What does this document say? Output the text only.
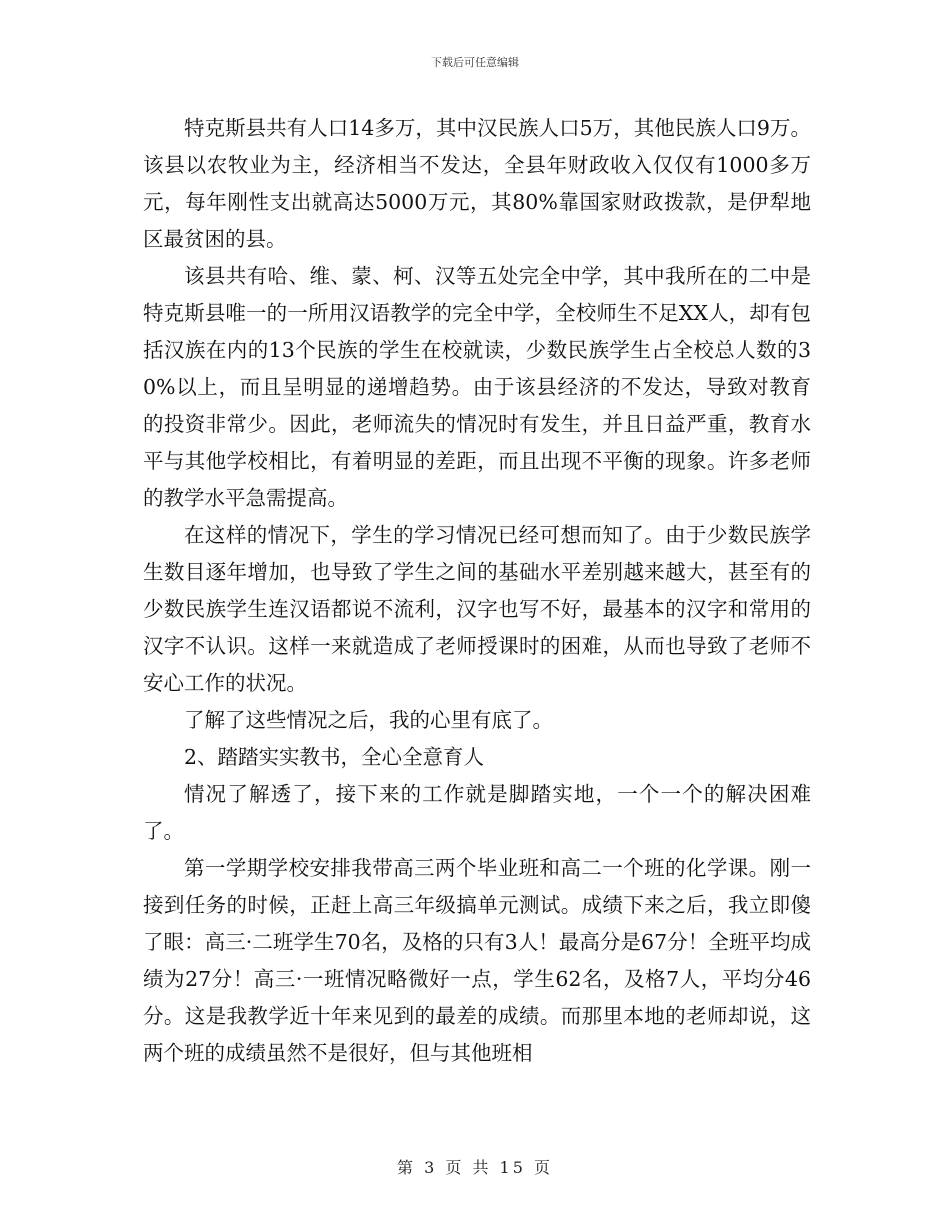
下载后可任意编辑

特克斯县共有人口14多万，其中汉民族人口5万，其他民族人口9万。该县以农牧业为主，经济相当不发达，全县年财政收入仅仅有1000多万元，每年刚性支出就高达5000万元，其80%靠国家财政拨款，是伊犁地区最贫困的县。

该县共有哈、维、蒙、柯、汉等五处完全中学，其中我所在的二中是特克斯县唯一的一所用汉语教学的完全中学，全校师生不足XX人，却有包括汉族在内的13个民族的学生在校就读，少数民族学生占全校总人数的30%以上，而且呈明显的递增趋势。由于该县经济的不发达，导致对教育的投资非常少。因此，老师流失的情况时有发生，并且日益严重，教育水平与其他学校相比，有着明显的差距，而且出现不平衡的现象。许多老师的教学水平急需提高。

在这样的情况下，学生的学习情况已经可想而知了。由于少数民族学生数目逐年增加，也导致了学生之间的基础水平差别越来越大，甚至有的少数民族学生连汉语都说不流利，汉字也写不好，最基本的汉字和常用的汉字不认识。这样一来就造成了老师授课时的困难，从而也导致了老师不安心工作的状况。

了解了这些情况之后，我的心里有底了。

2、踏踏实实教书，全心全意育人

情况了解透了，接下来的工作就是脚踏实地，一个一个的解决困难了。

第一学期学校安排我带高三两个毕业班和高二一个班的化学课。刚一接到任务的时候，正赶上高三年级搞单元测试。成绩下来之后，我立即傻了眼：高三·二班学生70名，及格的只有3人！最高分是67分！全班平均成绩为27分！高三·一班情况略微好一点，学生62名，及格7人，平均分46分。这是我教学近十年来见到的最差的成绩。而那里本地的老师却说，这两个班的成绩虽然不是很好，但与其他班相

第 3 页 共 15 页
